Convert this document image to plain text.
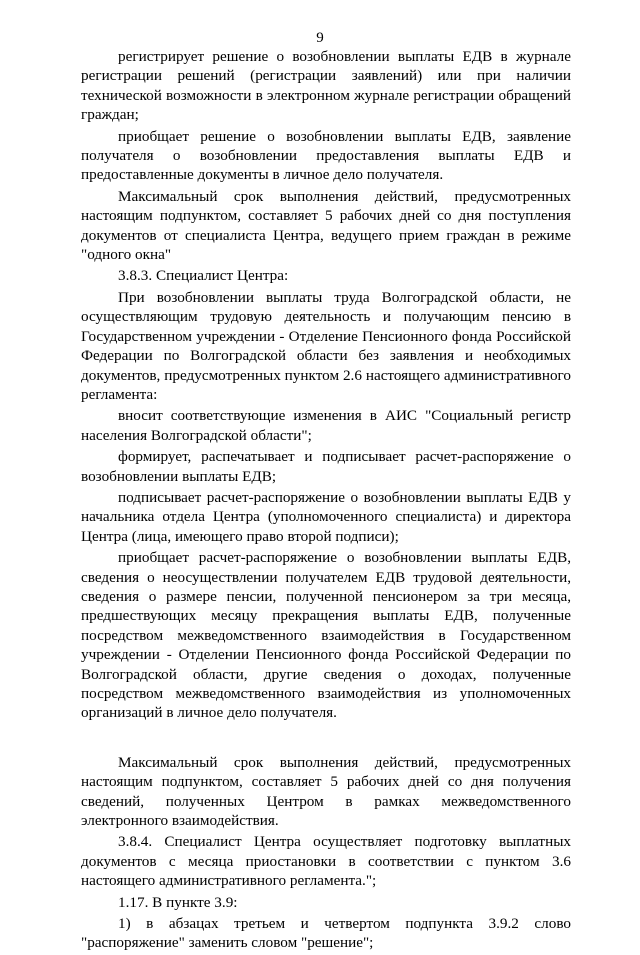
9

регистрирует решение о возобновлении выплаты ЕДВ в журнале регистрации решений (регистрации заявлений) или при наличии технической возможности в электронном журнале регистрации обращений граждан;

приобщает решение о возобновлении выплаты ЕДВ, заявление получателя о возобновлении предоставления выплаты ЕДВ и предоставленные документы в личное дело получателя.

Максимальный срок выполнения действий, предусмотренных настоящим подпунктом, составляет 5 рабочих дней со дня поступления документов от специалиста Центра, ведущего прием граждан в режиме "одного окна"

3.8.3. Специалист Центра:

При возобновлении выплаты труда Волгоградской области, не осуществляющим трудовую деятельность и получающим пенсию в Государственном учреждении - Отделение Пенсионного фонда Российской Федерации по Волгоградской области без заявления и необходимых документов, предусмотренных пунктом 2.6 настоящего административного регламента:

вносит соответствующие изменения в АИС "Социальный регистр населения Волгоградской области";

формирует, распечатывает и подписывает расчет-распоряжение о возобновлении выплаты ЕДВ;

подписывает расчет-распоряжение о возобновлении выплаты ЕДВ у начальника отдела Центра (уполномоченного специалиста) и директора Центра (лица, имеющего право второй подписи);

приобщает расчет-распоряжение о возобновлении выплаты ЕДВ, сведения о неосуществлении получателем ЕДВ трудовой деятельности, сведения о размере пенсии, полученной пенсионером за три месяца, предшествующих месяцу прекращения выплаты ЕДВ, полученные посредством межведомственного взаимодействия в Государственном учреждении - Отделении Пенсионного фонда Российской Федерации по Волгоградской области, другие сведения о доходах, полученные посредством межведомственного взаимодействия из уполномоченных организаций в личное дело получателя.

Максимальный срок выполнения действий, предусмотренных настоящим подпунктом, составляет 5 рабочих дней со дня получения сведений, полученных Центром в рамках межведомственного электронного взаимодействия.

3.8.4. Специалист Центра осуществляет подготовку выплатных документов с месяца приостановки в соответствии с пунктом 3.6 настоящего административного регламента.";

1.17. В пункте 3.9:

1) в абзацах третьем и четвертом подпункта 3.9.2 слово "распоряжение" заменить словом "решение";
